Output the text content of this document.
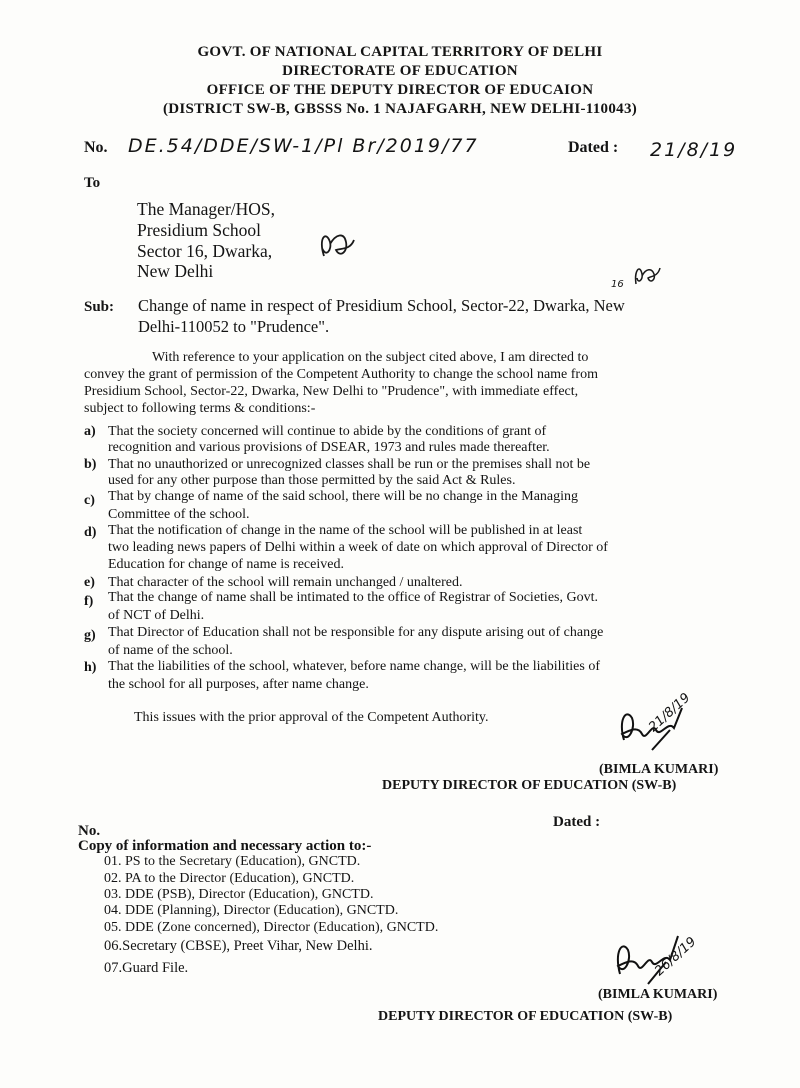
GOVT. OF NATIONAL CAPITAL TERRITORY OF DELHI
DIRECTORATE OF EDUCATION
OFFICE OF THE DEPUTY DIRECTOR OF EDUCAION
(DISTRICT SW-B, GBSSS No. 1 NAJAFGARH, NEW DELHI-110043)
No. DE.54/DDE/SW-1/Pl Br/2019/77	Dated : 21/8/19
To
The Manager/HOS,
Presidium School
Sector 16, Dwarka,
New Delhi
Sub: Change of name in respect of Presidium School, Sector-22, Dwarka, New
Delhi-110052 to "Prudence".
16
With reference to your application on the subject cited above, I am directed to
convey the grant of permission of the Competent Authority to change the school name from
Presidium School, Sector-22, Dwarka, New Delhi to "Prudence", with immediate effect,
subject to following terms & conditions:-
a) That the society concerned will continue to abide by the conditions of grant of
recognition and various provisions of DSEAR, 1973 and rules made thereafter.
b) That no unauthorized or unrecognized classes shall be run or the premises shall not be
used for any other purpose than those permitted by the said Act & Rules.
c) That by change of name of the said school, there will be no change in the Managing
Committee of the school.
d) That the notification of change in the name of the school will be published in at least
two leading news papers of Delhi within a week of date on which approval of Director of
Education for change of name is received.
e) That character of the school will remain unchanged / unaltered.
f) That the change of name shall be intimated to the office of Registrar of Societies, Govt.
of NCT of Delhi.
g) That Director of Education shall not be responsible for any dispute arising out of change
of name of the school.
h) That the liabilities of the school, whatever, before name change, will be the liabilities of
the school for all purposes, after name change.
This issues with the prior approval of the Competent Authority.	21/8/19
(BIMLA KUMARI)
DEPUTY DIRECTOR OF EDUCATION (SW-B)
Dated :
No.
Copy of information and necessary action to:-
01. PS to the Secretary (Education), GNCTD.
02. PA to the Director (Education), GNCTD.
03. DDE (PSB), Director (Education), GNCTD.
04. DDE (Planning), Director (Education), GNCTD.
05. DDE (Zone concerned), Director (Education), GNCTD.
06.Secretary (CBSE), Preet Vihar, New Delhi.
07.Guard File.	26/8/19
(BIMLA KUMARI)
DEPUTY DIRECTOR OF EDUCATION (SW-B)
